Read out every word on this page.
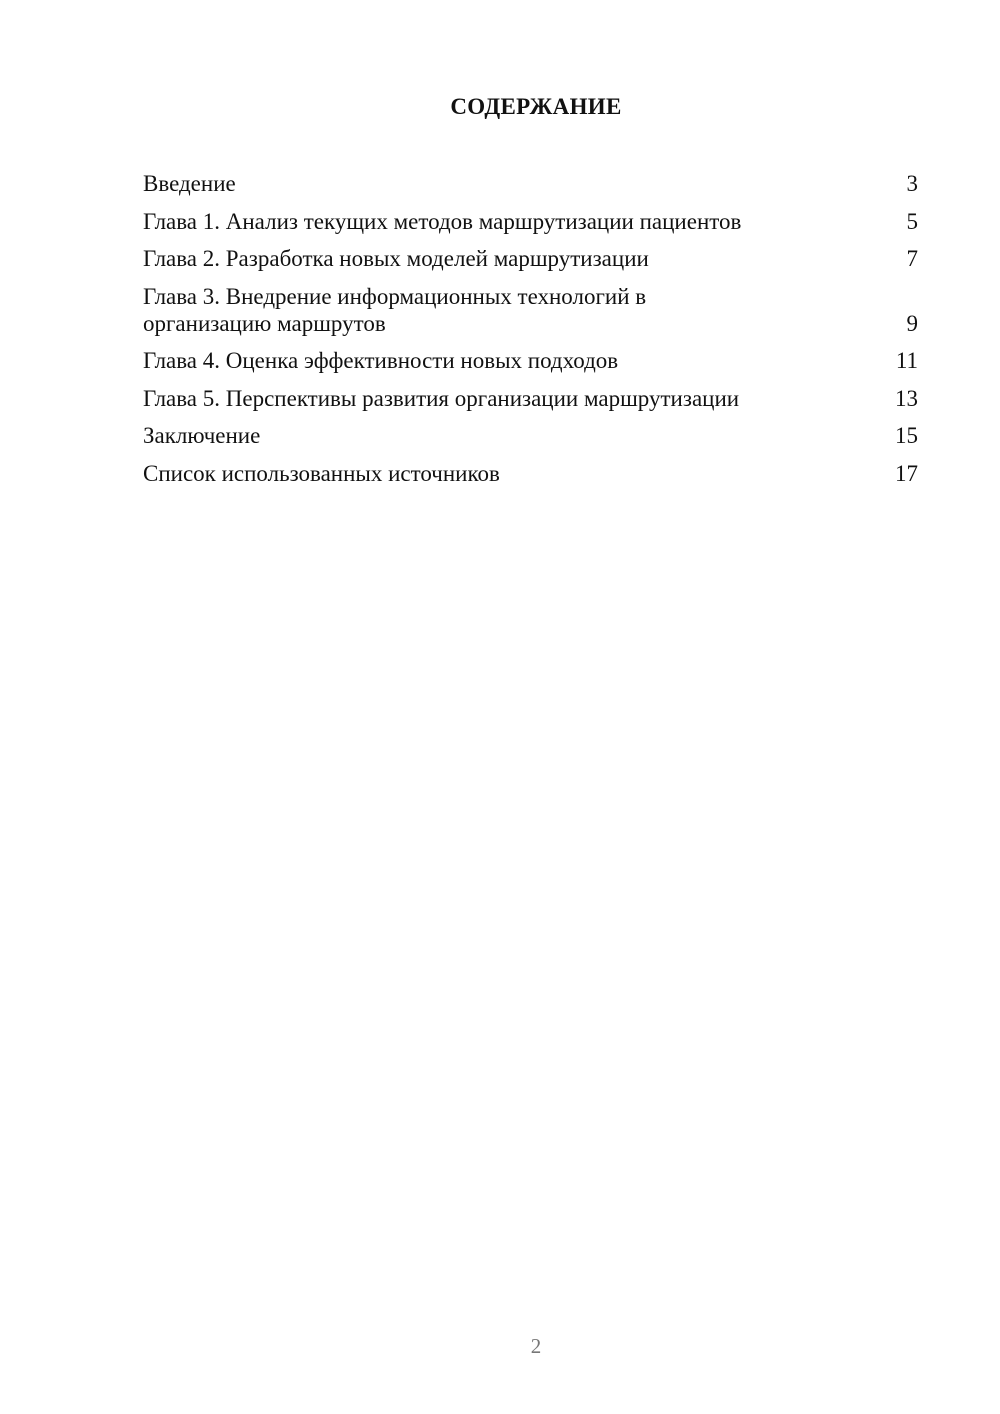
СОДЕРЖАНИЕ
Введение	3
Глава 1. Анализ текущих методов маршрутизации пациентов	5
Глава 2. Разработка новых моделей маршрутизации	7
Глава 3. Внедрение информационных технологий в организацию маршрутов	9
Глава 4. Оценка эффективности новых подходов	11
Глава 5. Перспективы развития организации маршрутизации	13
Заключение	15
Список использованных источников	17
2
